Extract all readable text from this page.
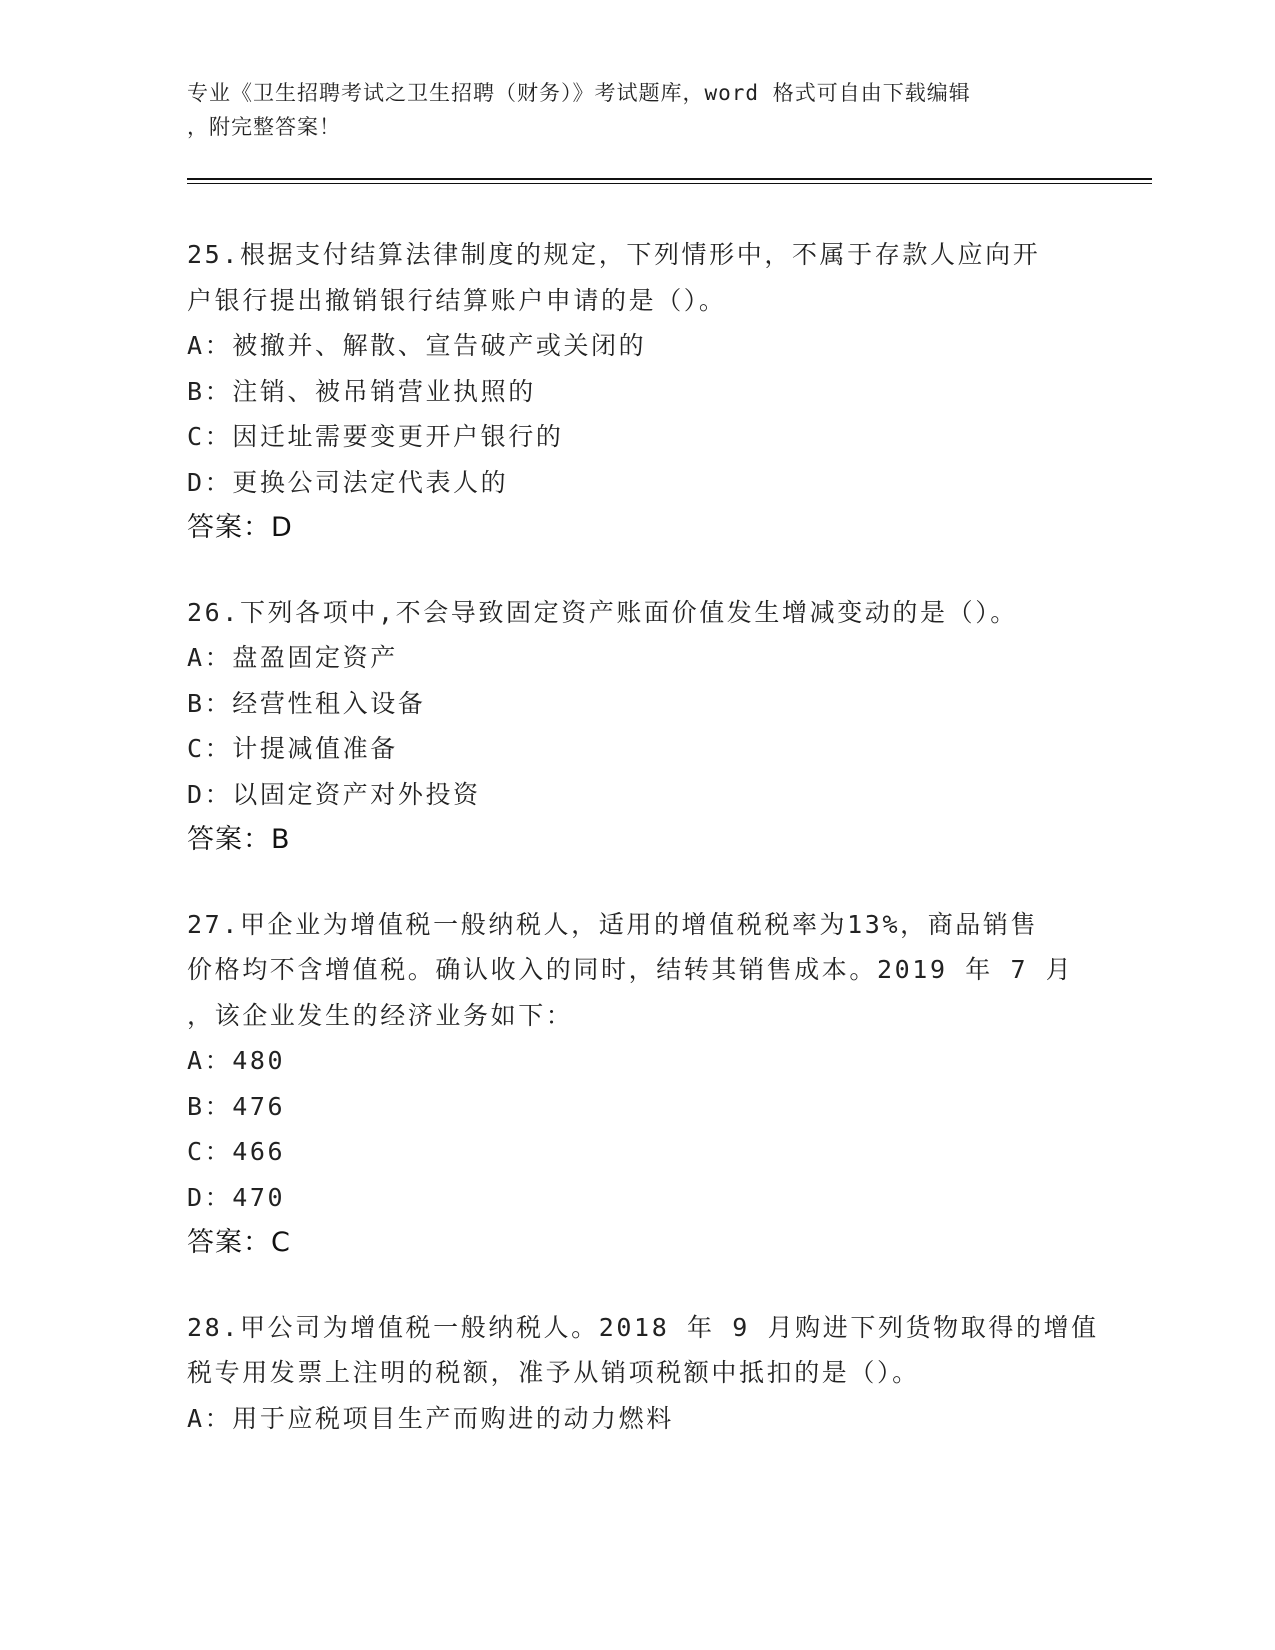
专业《卫生招聘考试之卫生招聘（财务）》考试题库，word 格式可自由下载编辑
，附完整答案！
25.根据支付结算法律制度的规定，下列情形中，不属于存款人应向开
户银行提出撤销银行结算账户申请的是（）。
A：被撤并、解散、宣告破产或关闭的
B：注销、被吊销营业执照的
C：因迁址需要变更开户银行的
D：更换公司法定代表人的
答案：D
26.下列各项中,不会导致固定资产账面价值发生增减变动的是（）。
A：盘盈固定资产
B：经营性租入设备
C：计提减值准备
D：以固定资产对外投资
答案：B
27.甲企业为增值税一般纳税人，适用的增值税税率为13%，商品销售
价格均不含增值税。确认收入的同时，结转其销售成本。2019 年 7 月
，该企业发生的经济业务如下：
A：480
B：476
C：466
D：470
答案：C
28.甲公司为增值税一般纳税人。2018 年 9 月购进下列货物取得的增值
税专用发票上注明的税额，准予从销项税额中抵扣的是（）。
A：用于应税项目生产而购进的动力燃料
